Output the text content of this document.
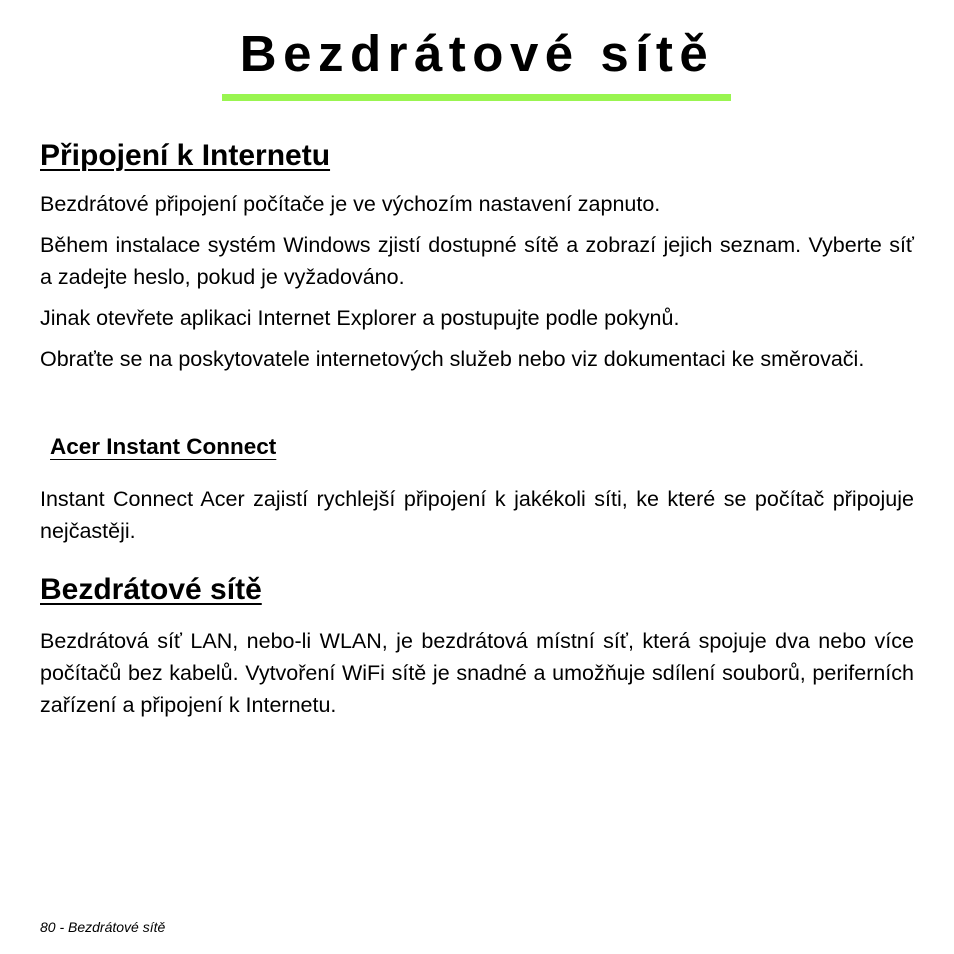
Bezdrátové sítě
Připojení k Internetu

Bezdrátové připojení počítače je ve výchozím nastavení zapnuto.

Během instalace systém Windows zjistí dostupné sítě a zobrazí jejich seznam. Vyberte síť a zadejte heslo, pokud je vyžadováno.

Jinak otevřete aplikaci Internet Explorer a postupujte podle pokynů.

Obraťte se na poskytovatele internetových služeb nebo viz dokumentaci ke směrovači.

Acer Instant Connect

Instant Connect Acer zajistí rychlejší připojení k jakékoli síti, ke které se počítač připojuje nejčastěji.

Bezdrátové sítě

Bezdrátová síť LAN, nebo-li WLAN, je bezdrátová místní síť, která spojuje dva nebo více počítačů bez kabelů. Vytvoření WiFi sítě je snadné a umožňuje sdílení souborů, periferních zařízení a připojení k Internetu.

80 - Bezdrátové sítě
